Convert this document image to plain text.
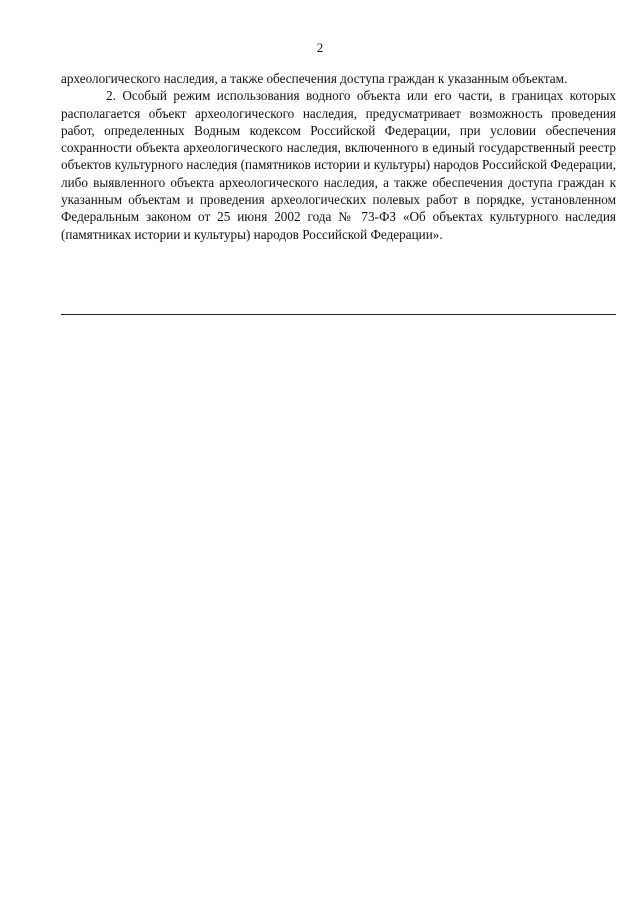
2

археологического наследия, а также обеспечения доступа граждан к указанным объектам.

2. Особый режим использования водного объекта или его части, в границах которых располагается объект археологического наследия, предусматривает возможность проведения работ, определенных Водным кодексом Российской Федерации, при условии обеспечения сохранности объекта археологического наследия, включенного в единый государственный реестр объектов культурного наследия (памятников истории и культуры) народов Российской Федерации, либо выявленного объекта археологического наследия, а также обеспечения доступа граждан к указанным объектам и проведения археологических полевых работ в порядке, установленном Федеральным законом от 25 июня 2002 года № 73-ФЗ «Об объектах культурного наследия (памятниках истории и культуры) народов Российской Федерации».
